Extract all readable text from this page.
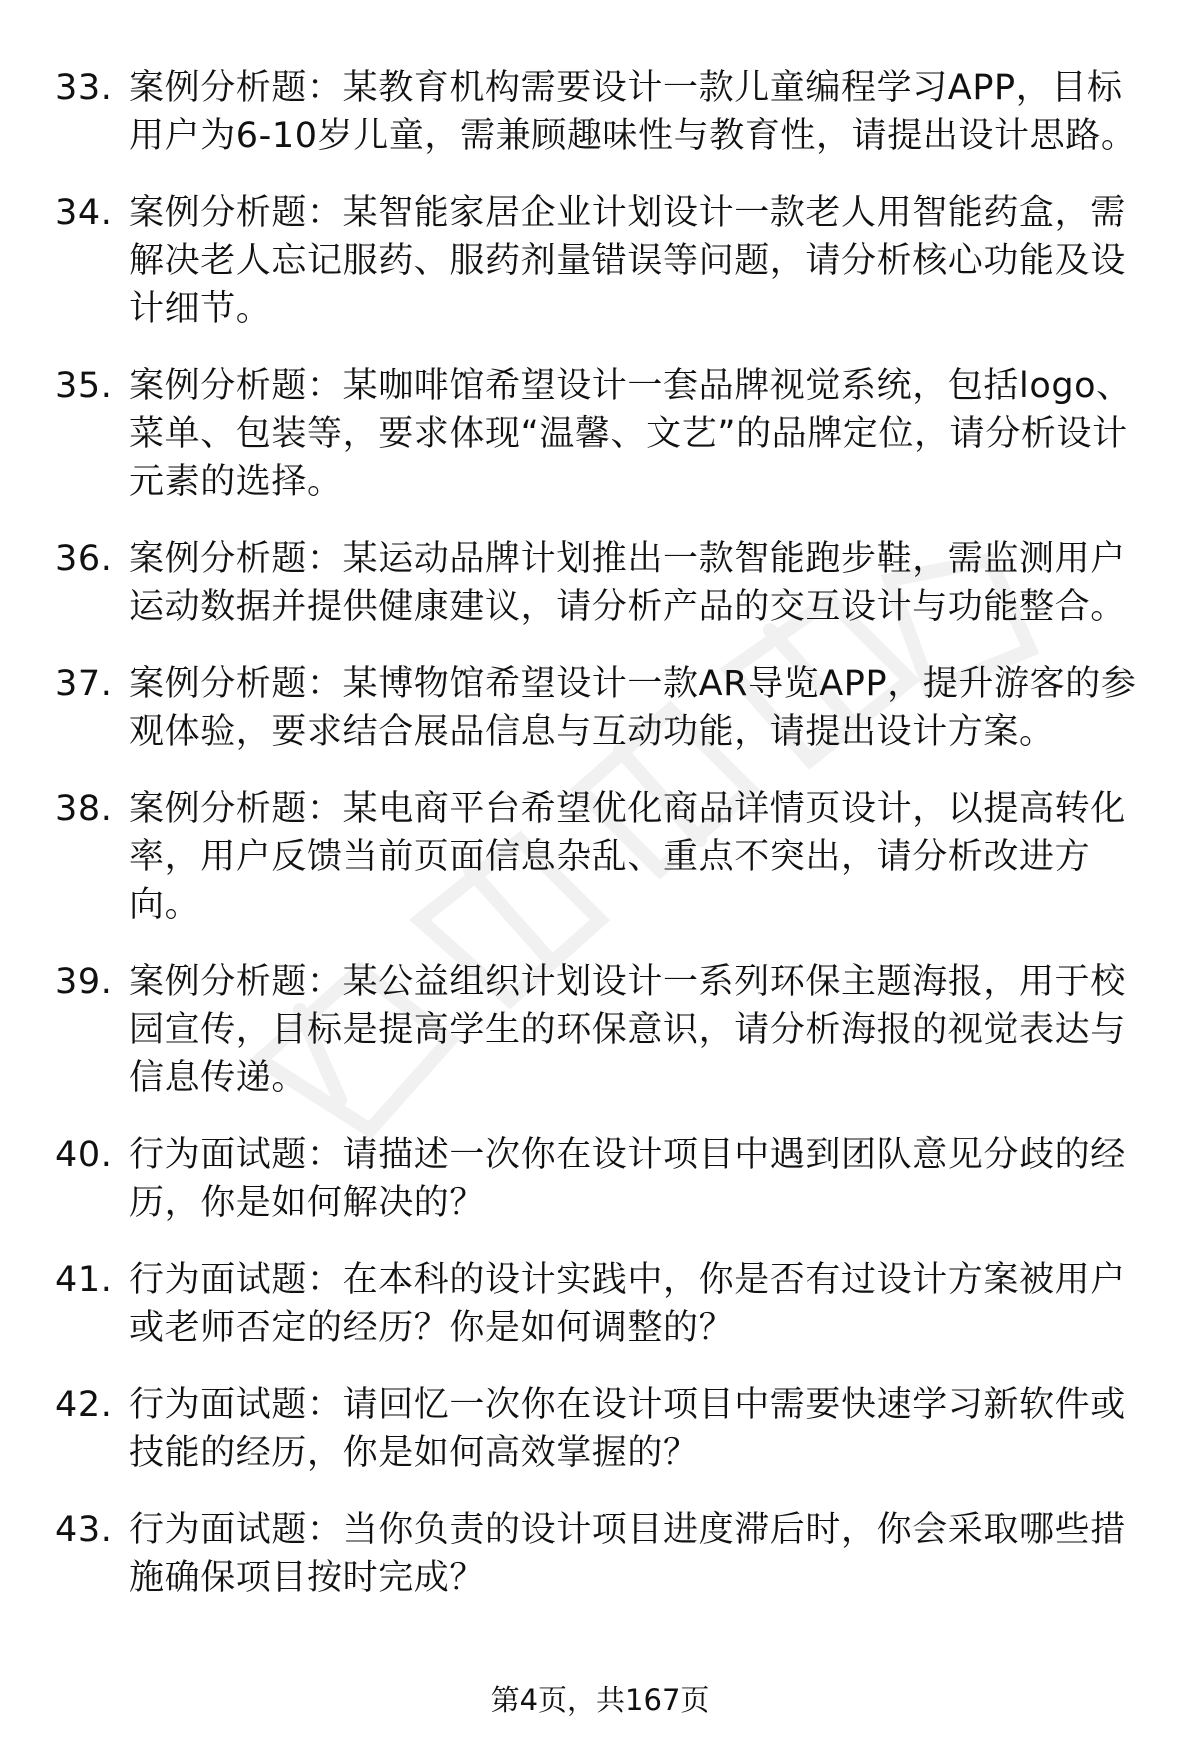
33. 案例分析题：某教育机构需要设计一款儿童编程学习APP，目标用户为6-10岁儿童，需兼顾趣味性与教育性，请提出设计思路。
34. 案例分析题：某智能家居企业计划设计一款老人用智能药盒，需解决老人忘记服药、服药剂量错误等问题，请分析核心功能及设计细节。
35. 案例分析题：某咖啡馆希望设计一套品牌视觉系统，包括logo、菜单、包装等，要求体现“温馨、文艺”的品牌定位，请分析设计元素的选择。
36. 案例分析题：某运动品牌计划推出一款智能跑步鞋，需监测用户运动数据并提供健康建议，请分析产品的交互设计与功能整合。
37. 案例分析题：某博物馆希望设计一款AR导览APP，提升游客的参观体验，要求结合展品信息与互动功能，请提出设计方案。
38. 案例分析题：某电商平台希望优化商品详情页设计，以提高转化率，用户反馈当前页面信息杂乱、重点不突出，请分析改进方向。
39. 案例分析题：某公益组织计划设计一系列环保主题海报，用于校园宣传，目标是提高学生的环保意识，请分析海报的视觉表达与信息传递。
40. 行为面试题：请描述一次你在设计项目中遇到团队意见分歧的经历，你是如何解决的？
41. 行为面试题：在本科的设计实践中，你是否有过设计方案被用户或老师否定的经历？你是如何调整的？
42. 行为面试题：请回忆一次你在设计项目中需要快速学习新软件或技能的经历，你是如何高效掌握的？
43. 行为面试题：当你负责的设计项目进度滞后时，你会采取哪些措施确保项目按时完成？
第4页，共167页
